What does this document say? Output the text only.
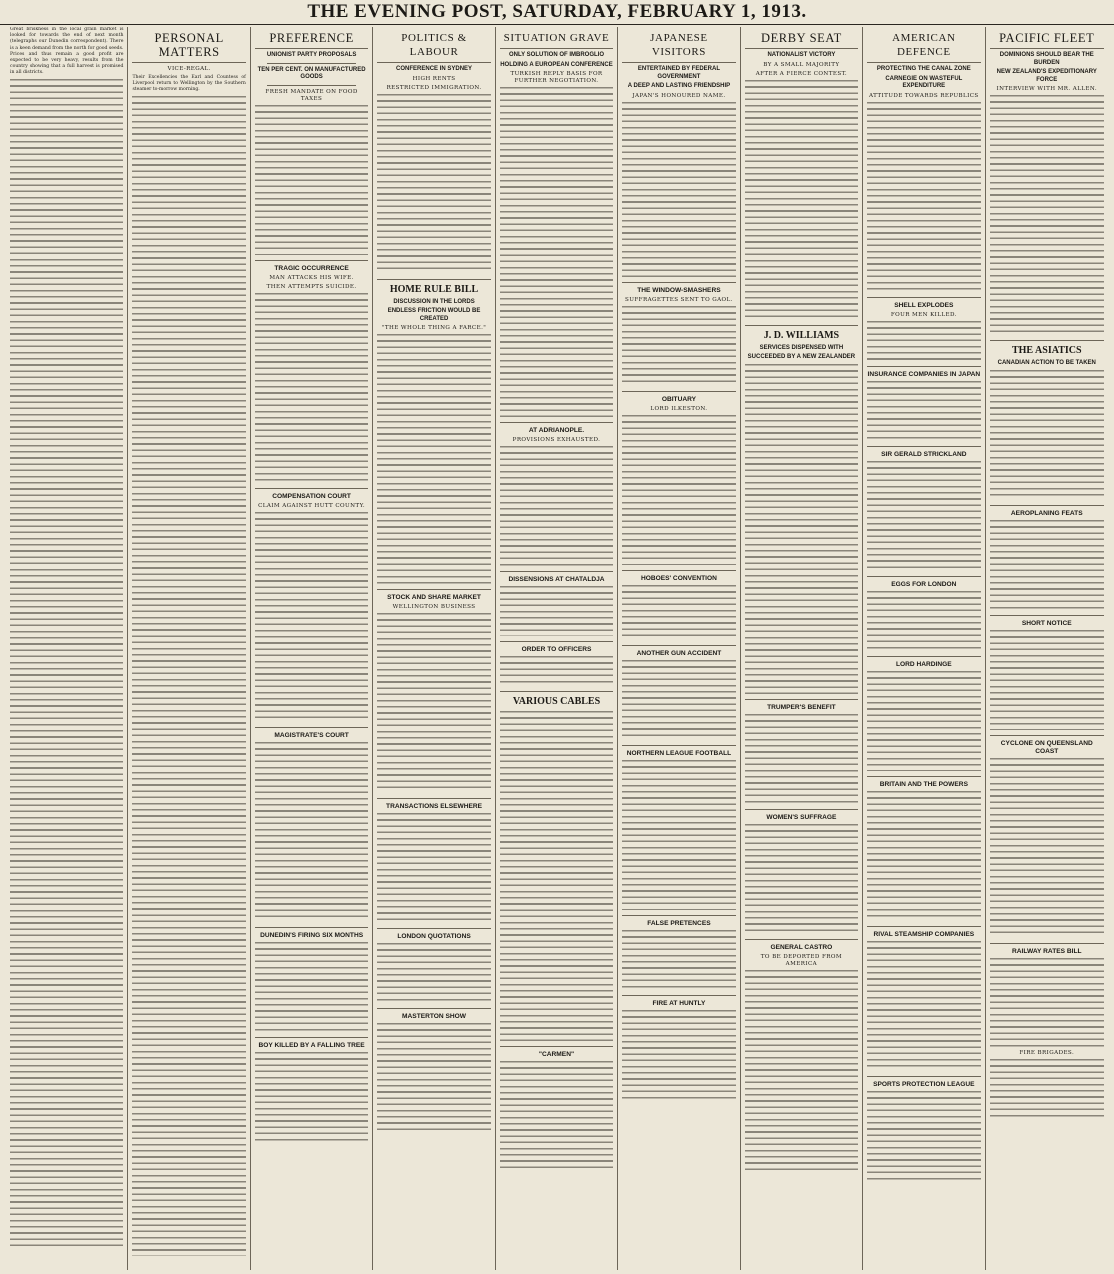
THE EVENING POST, SATURDAY, FEBRUARY 1, 1913.

Great briskness in the local grain market is looked for towards the end of next month (telegraphs our Dunedin correspondent). There is a keen demand from the north for good seeds. Prices and thus remain a good profit are expected to be very heavy, results from the country showing that a full harvest is promised in all districts.

PERSONAL MATTERS
VICE-REGAL.

Their Excellencies the Earl and Countess of Liverpool return to Wellington by the Southern steamer to-morrow morning.

PREFERENCE
UNIONIST PARTY PROPOSALS
TEN PER CENT. ON MANUFACTURED GOODS
FRESH MANDATE ON FOOD TAXES
TRAGIC OCCURRENCE
MAN ATTACKS HIS WIFE.
THEN ATTEMPTS SUICIDE.
COMPENSATION COURT
CLAIM AGAINST HUTT COUNTY.
MAGISTRATE'S COURT
DUNEDIN'S FIRING SIX MONTHS
BOY KILLED BY A FALLING TREE
POLITICS & LABOUR
CONFERENCE IN SYDNEY
HIGH RENTS
RESTRICTED IMMIGRATION.
HOME RULE BILL
DISCUSSION IN THE LORDS
ENDLESS FRICTION WOULD BE CREATED
"THE WHOLE THING A FARCE."
STOCK AND SHARE MARKET
WELLINGTON BUSINESS
TRANSACTIONS ELSEWHERE
LONDON QUOTATIONS
MASTERTON SHOW
SITUATION GRAVE
ONLY SOLUTION OF IMBROGLIO
HOLDING A EUROPEAN CONFERENCE
TURKISH REPLY BASIS FOR FURTHER NEGOTIATION.
AT ADRIANOPLE.
PROVISIONS EXHAUSTED.
DISSENSIONS AT CHATALDJA
ORDER TO OFFICERS
VARIOUS CABLES
"CARMEN"
JAPANESE VISITORS
ENTERTAINED BY FEDERAL GOVERNMENT
A DEEP AND LASTING FRIENDSHIP
JAPAN'S HONOURED NAME.
THE WINDOW-SMASHERS
SUFFRAGETTES SENT TO GAOL.
OBITUARY
LORD ILKESTON.
HOBOES' CONVENTION
ANOTHER GUN ACCIDENT
NORTHERN LEAGUE FOOTBALL
FALSE PRETENCES
FIRE AT HUNTLY
DERBY SEAT
NATIONALIST VICTORY
BY A SMALL MAJORITY
AFTER A FIERCE CONTEST.
J. D. WILLIAMS
SERVICES DISPENSED WITH
SUCCEEDED BY A NEW ZEALANDER
TRUMPER'S BENEFIT
WOMEN'S SUFFRAGE
GENERAL CASTRO
TO BE DEPORTED FROM AMERICA
AMERICAN DEFENCE
PROTECTING THE CANAL ZONE
CARNEGIE ON WASTEFUL EXPENDITURE
ATTITUDE TOWARDS REPUBLICS
SHELL EXPLODES
FOUR MEN KILLED.
INSURANCE COMPANIES IN JAPAN
SIR GERALD STRICKLAND
EGGS FOR LONDON
LORD HARDINGE
BRITAIN AND THE POWERS
RIVAL STEAMSHIP COMPANIES
SPORTS PROTECTION LEAGUE
PACIFIC FLEET
DOMINIONS SHOULD BEAR THE BURDEN
NEW ZEALAND'S EXPEDITIONARY FORCE
INTERVIEW WITH MR. ALLEN.
THE ASIATICS
CANADIAN ACTION TO BE TAKEN
AEROPLANING FEATS
SHORT NOTICE
CYCLONE ON QUEENSLAND COAST
RAILWAY RATES BILL
FIRE BRIGADES.
